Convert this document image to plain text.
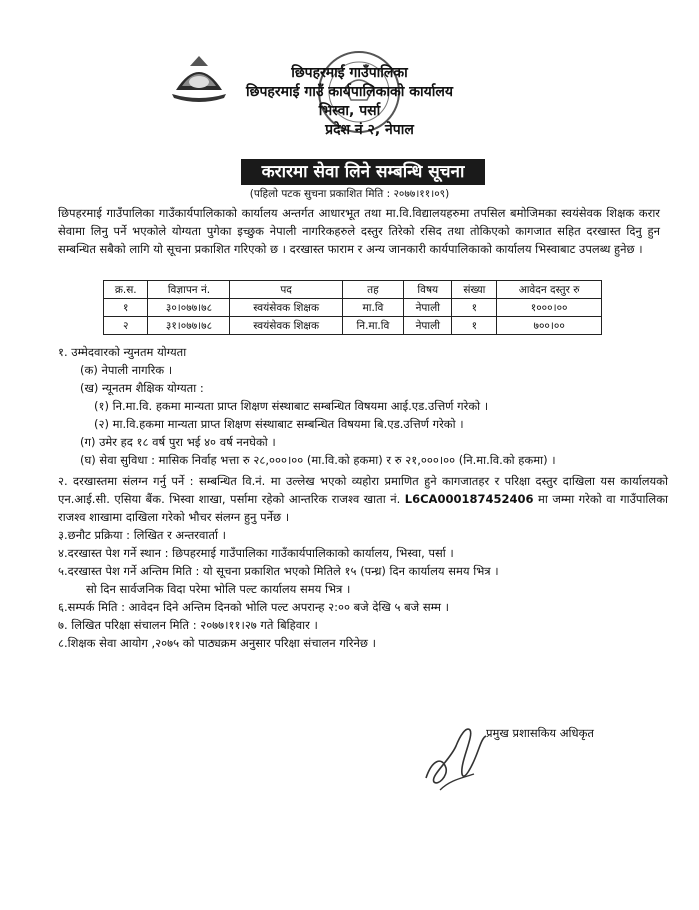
छिपहरमाई गाउँपालिका
छिपहरमाई गाउँ कार्यपालिकाको कार्यालय
भिस्वा, पर्सा
प्रदेश नं २, नेपाल
करारमा सेवा लिने सम्बन्धि सूचना
(पहिलो पटक सुचना प्रकाशित मिति : २०७७।११।०९)
छिपहरमाई गाउँपालिका गाउँकार्यपालिकाको कार्यालय अन्तर्गत आधारभूत तथा मा.वि.विद्यालयहरुमा तपसिल बमोजिमका स्वयंसेवक शिक्षक करार सेवामा लिनु पर्ने भएकोले योग्यता पुगेका इच्छुक नेपाली नागरिकहरुले दस्तुर तिरेको रसिद तथा तोकिएको कागजात सहित दरखास्त दिनु हुन सम्बन्धित सबैको लागि यो सूचना प्रकाशित गरिएको छ । दरखास्त फाराम र अन्य जानकारी कार्यपालिकाको कार्यालय भिस्वाबाट उपलब्ध हुनेछ ।
क्र.स.	विज्ञापन नं.	पद	तह	विषय	संख्या	आवेदन दस्तुर रु
१	३०।०७७।७८	स्वयंसेवक शिक्षक	मा.वि	नेपाली	१	१०००।००
२	३१।०७७।७८	स्वयंसेवक शिक्षक	नि.मा.वि	नेपाली	१	७००।००
१. उम्मेदवारको न्युनतम योग्यता
(क) नेपाली नागरिक ।
(ख) न्यूनतम शैक्षिक योग्यता :
(१) नि.मा.वि. हकमा मान्यता प्राप्त शिक्षण संस्थाबाट सम्बन्धित विषयमा आई.एड.उत्तिर्ण गरेको ।
(२) मा.वि.हकमा मान्यता प्राप्त शिक्षण संस्थाबाट सम्बन्धित विषयमा बि.एड.उत्तिर्ण गरेको ।
(ग) उमेर हद १८ वर्ष पुरा भई ४० वर्ष ननघेको ।
(घ) सेवा सुविधा : मासिक निर्वाह भत्ता रु २८,०००।०० (मा.वि.को हकमा) र रु २१,०००।०० (नि.मा.वि.को हकमा) ।
२. दरखास्तमा संलग्न गर्नु पर्ने : सम्बन्धित वि.नं. मा उल्लेख भएको व्यहोरा प्रमाणित हुने कागजातहर र परिक्षा दस्तुर दाखिला यस कार्यालयको एन.आई.सी. एसिया बैंक. भिस्वा शाखा, पर्सामा रहेको आन्तरिक राजश्व खाता नं. L6CA000187452406 मा जम्मा गरेको वा गाउँपालिका राजश्व शाखामा दाखिला गरेको भौचर संलग्न हुनु पर्नेछ ।
३.छनौट प्रक्रिया : लिखित र अन्तरवार्ता ।
४.दरखास्त पेश गर्ने स्थान : छिपहरमाई गाउँपालिका गाउँकार्यपालिकाको कार्यालय, भिस्वा, पर्सा ।
५.दरखास्त पेश गर्ने अन्तिम मिति : यो सूचना प्रकाशित भएको मितिले १५ (पन्ध्र) दिन कार्यालय समय भित्र ।
सो दिन सार्वजनिक विदा परेमा भोलि पल्ट कार्यालय समय भित्र ।
६.सम्पर्क मिति : आवेदन दिने अन्तिम दिनको भोलि पल्ट अपरान्ह २:०० बजे देखि ५ बजे सम्म ।
७. लिखित परिक्षा संचालन मिति : २०७७।११।२७ गते बिहिवार ।
८.शिक्षक सेवा आयोग ,२०७५ को पाठ्यक्रम अनुसार परिक्षा संचालन गरिनेछ ।
प्रमुख प्रशासकिय अधिकृत
